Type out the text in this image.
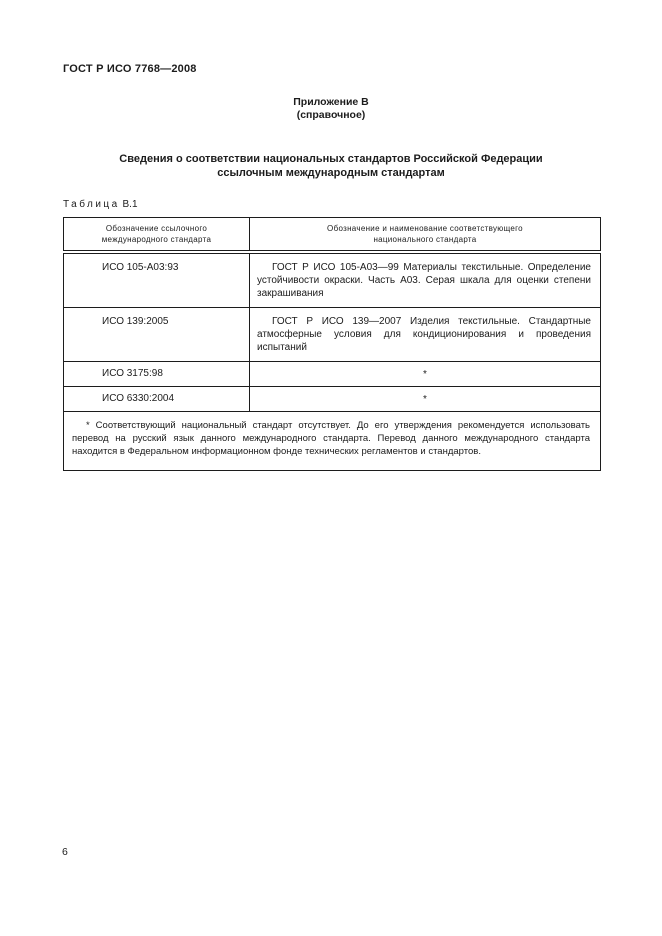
ГОСТ Р ИСО 7768—2008
Приложение В
(справочное)
Сведения о соответствии национальных стандартов Российской Федерации
ссылочным международным стандартам
Таблица В.1
Обозначение ссылочного международного стандарта	Обозначение и наименование соответствующего национального стандарта
ИСО 105-А03:93	ГОСТ Р ИСО 105-А03—99 Материалы текстильные. Определение устойчивости окраски. Часть А03. Серая шкала для оценки степени закрашивания
ИСО 139:2005	ГОСТ Р ИСО 139—2007 Изделия текстильные. Стандартные атмосферные условия для кондиционирования и проведения испытаний
ИСО 3175:98	*
ИСО 6330:2004	*
* Соответствующий национальный стандарт отсутствует. До его утверждения рекомендуется использовать перевод на русский язык данного международного стандарта. Перевод данного международного стандарта находится в Федеральном информационном фонде технических регламентов и стандартов.	
6
